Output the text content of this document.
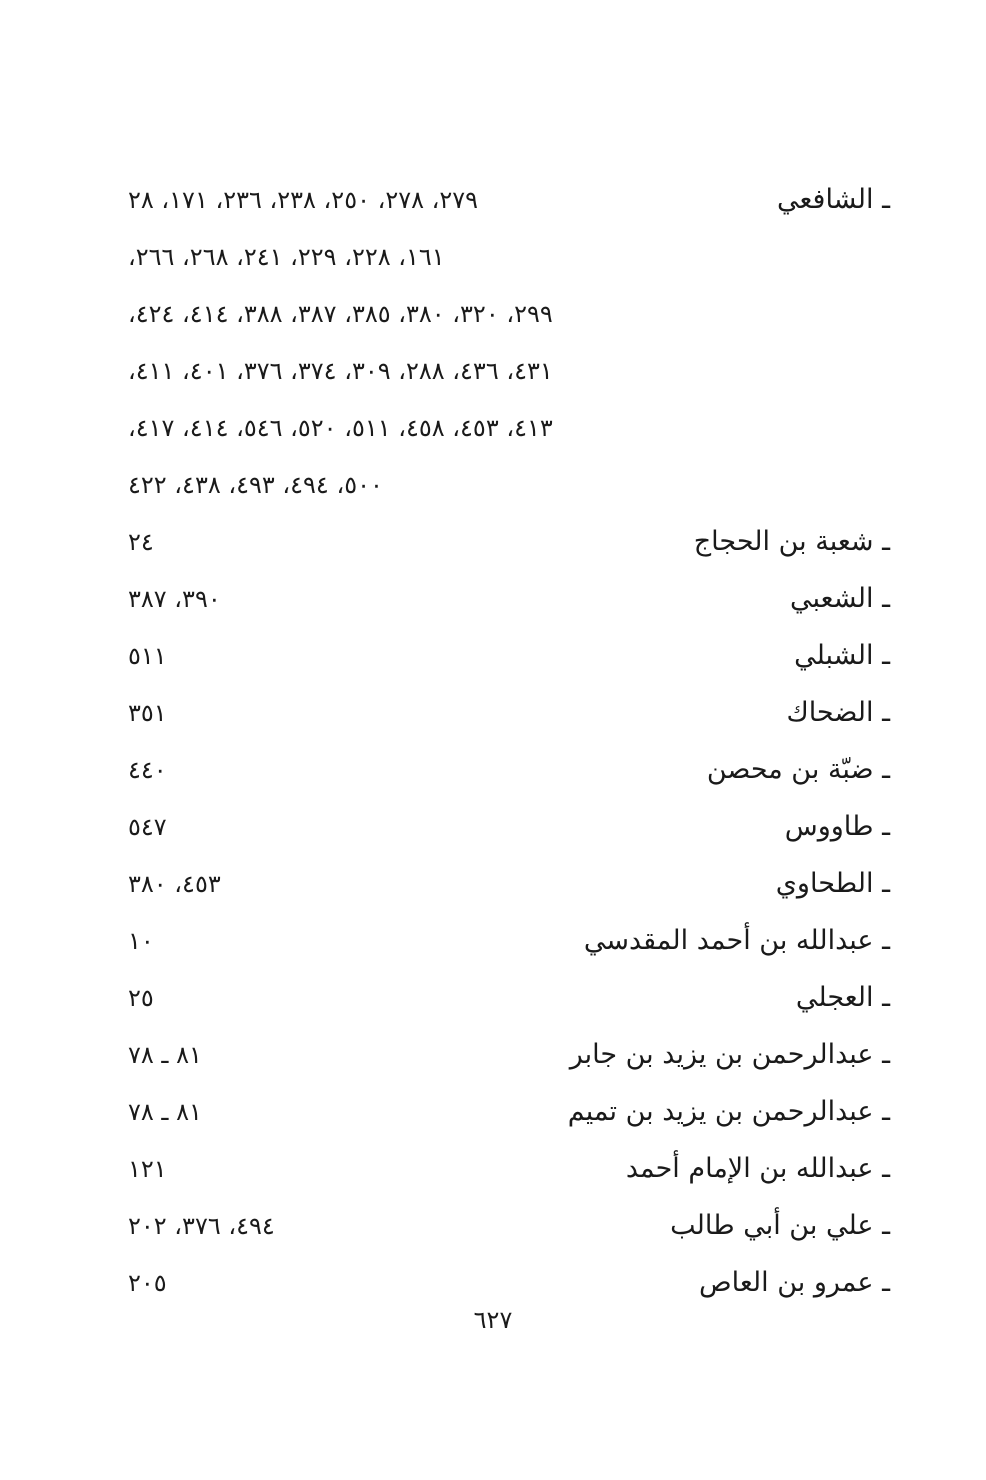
ـ الشافعي
٢٧٩، ٢٧٨، ٢٥٠، ٢٣٨، ٢٣٦، ١٧١، ٢٨
١٦١، ٢٢٨، ٢٢٩، ٢٤١، ٢٦٨، ٢٦٦،
٢٩٩، ٣٢٠، ٣٨٠، ٣٨٥، ٣٨٧، ٣٨٨، ٤١٤، ٤٢٤،
٤٣١، ٤٣٦، ٢٨٨، ٣٠٩، ٣٧٤، ٣٧٦، ٤٠١، ٤١١،
٤١٣، ٤٥٣، ٤٥٨، ٥١١، ٥٢٠، ٥٤٦، ٤١٤، ٤١٧،
٥٠٠، ٤٩٤، ٤٩٣، ٤٣٨، ٤٢٢
ـ شعبة بن الحجاج
٢٤
ـ الشعبي
٣٩٠، ٣٨٧
ـ الشبلي
٥١١
ـ الضحاك
٣٥١
ـ ضبّة بن محصن
٤٤٠
ـ طاووس
٥٤٧
ـ الطحاوي
٤٥٣، ٣٨٠
ـ عبدالله بن أحمد المقدسي
١٠
ـ العجلي
٢٥
ـ عبدالرحمن بن يزيد بن جابر
٨١ ـ ٧٨
ـ عبدالرحمن بن يزيد بن تميم
٨١ ـ ٧٨
ـ عبدالله بن الإمام أحمد
١٢١
ـ علي بن أبي طالب
٤٩٤، ٣٧٦، ٢٠٢
ـ عمرو بن العاص
٢٠٥
٦٢٧
